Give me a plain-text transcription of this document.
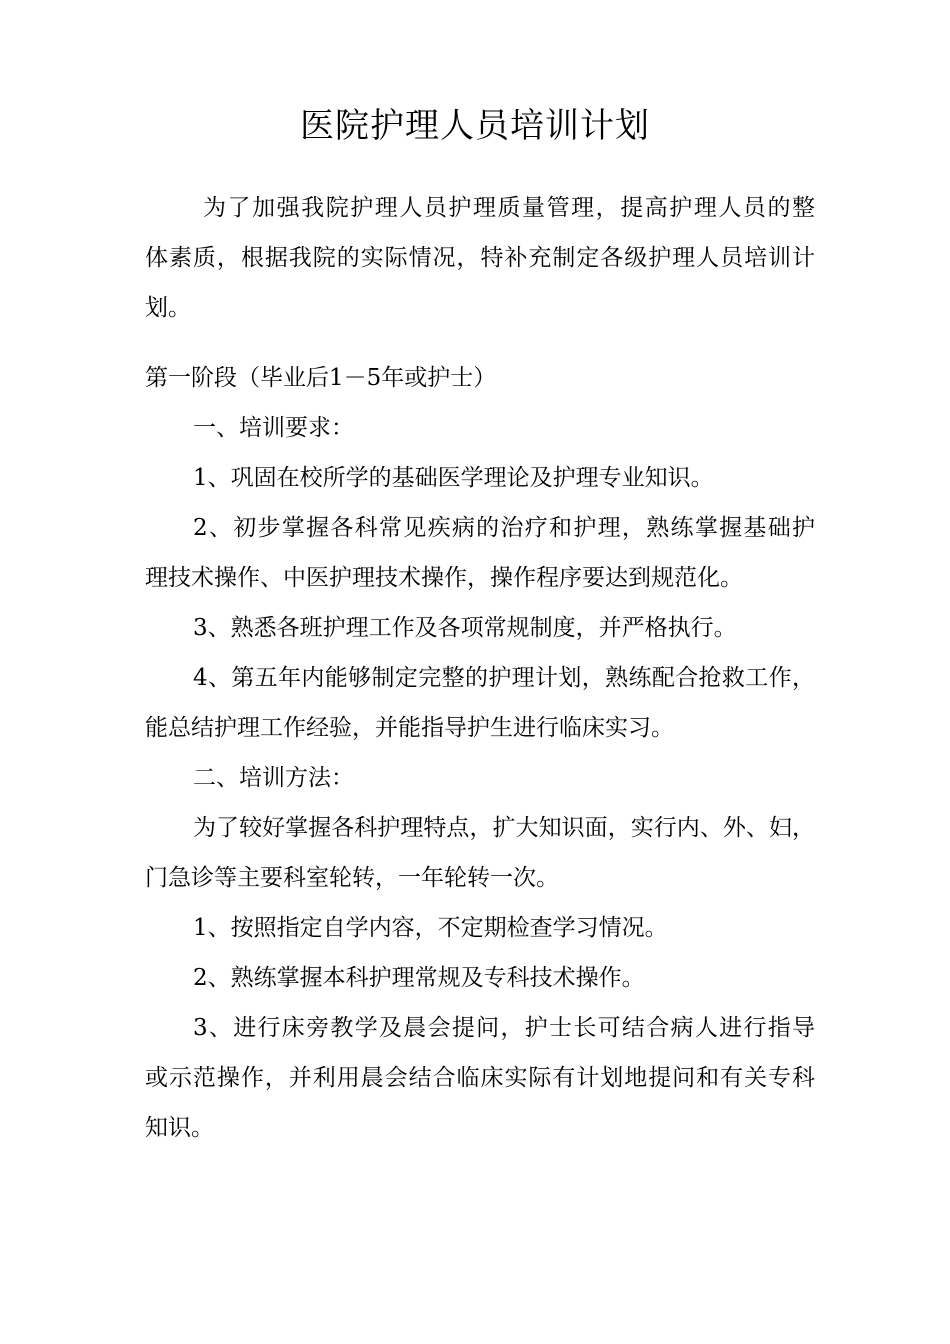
医院护理人员培训计划
为了加强我院护理人员护理质量管理，提高护理人员的整
体素质，根据我院的实际情况，特补充制定各级护理人员培训计
划。
第一阶段（毕业后1－5年或护士）
一、培训要求：
1、巩固在校所学的基础医学理论及护理专业知识。
2、初步掌握各科常见疾病的治疗和护理，熟练掌握基础护
理技术操作、中医护理技术操作，操作程序要达到规范化。
3、熟悉各班护理工作及各项常规制度，并严格执行。
4、第五年内能够制定完整的护理计划，熟练配合抢救工作，
能总结护理工作经验，并能指导护生进行临床实习。
二、培训方法：
为了较好掌握各科护理特点，扩大知识面，实行内、外、妇，
门急诊等主要科室轮转，一年轮转一次。
1、按照指定自学内容，不定期检查学习情况。
2、熟练掌握本科护理常规及专科技术操作。
3、进行床旁教学及晨会提问，护士长可结合病人进行指导
或示范操作，并利用晨会结合临床实际有计划地提问和有关专科
知识。
